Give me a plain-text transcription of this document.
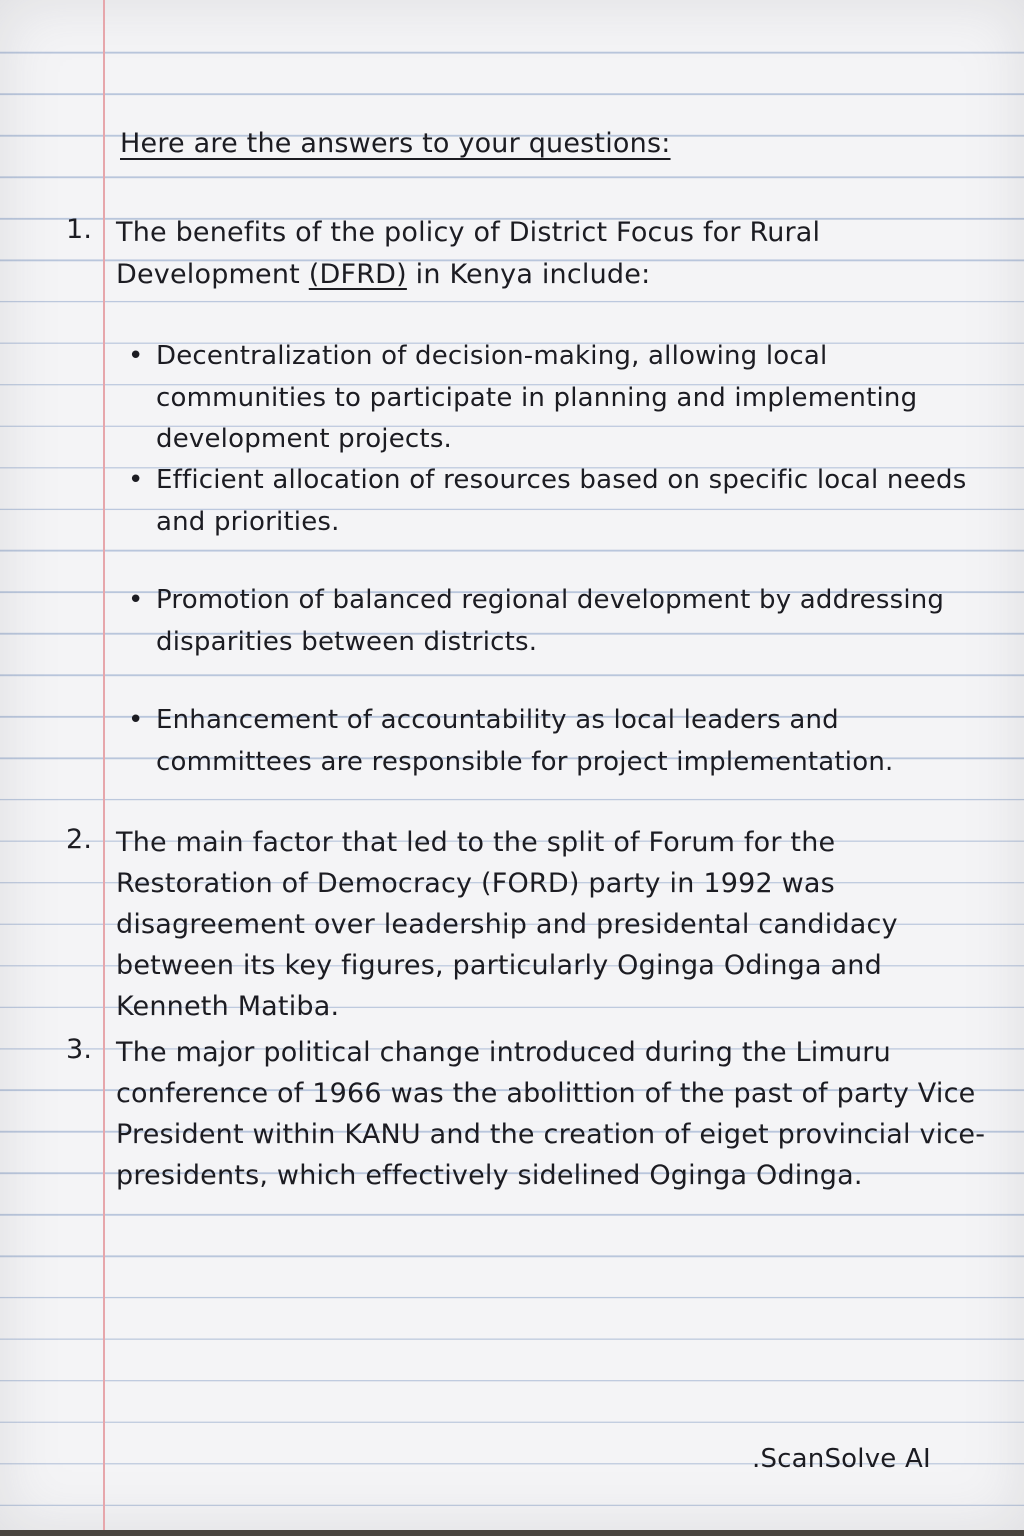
Here are the answers to your questions:
1. The benefits of the policy of District Focus for Rural Development (DFRD) in Kenya include:
• Decentralization of decision-making, allowing local communities to participate in planning and implementing development projects.
• Efficient allocation of resources based on specific local needs and priorities.
• Promotion of balanced regional development by addressing disparities between districts.
• Enhancement of accountability as local leaders and committees are responsible for project implementation.
2. The main factor that led to the split of Forum for the Restoration of Democracy (FORD) party in 1992 was disagreement over leadership and presidental candidacy between its key figures, particularly Oginga Odinga and Kenneth Matiba.
3. The major political change introduced during the Limuru conference of 1966 was the abolittion of the past of party Vice President within KANU and the creation of eiget provincial vice-presidents, which effectively sidelined Oginga Odinga.
.ScanSolve AI
